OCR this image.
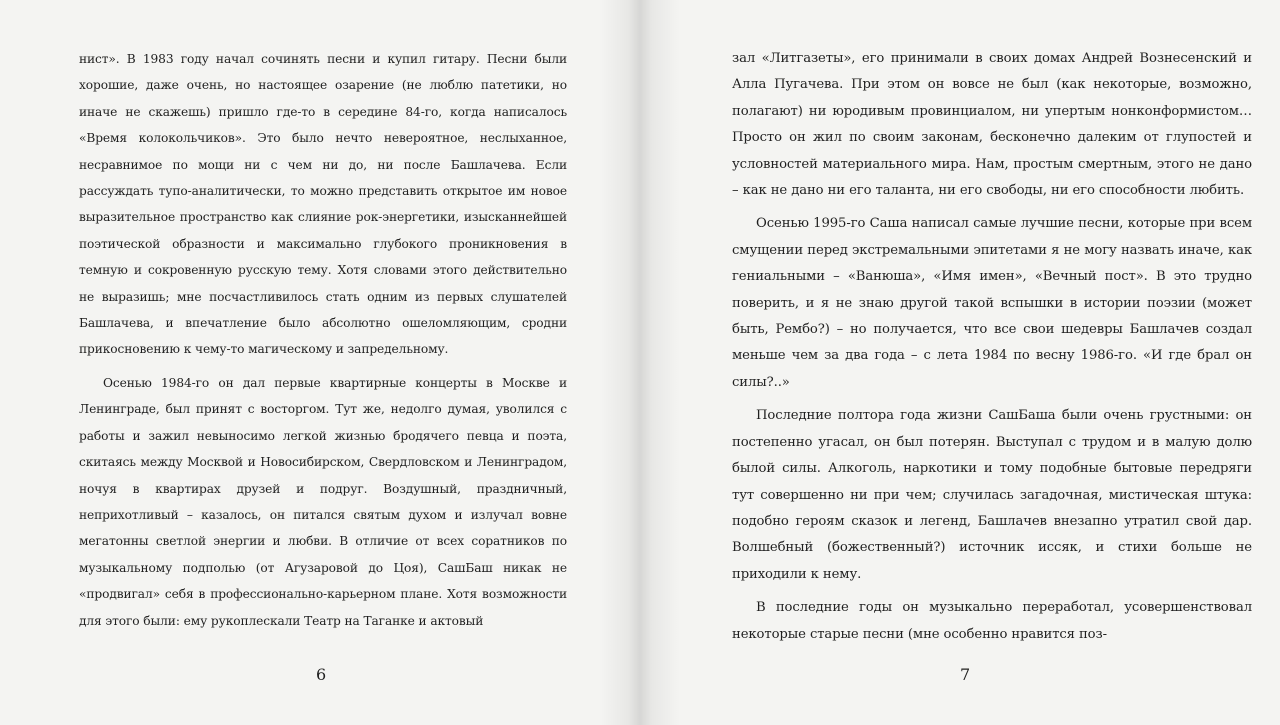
нист». В 1983 году начал сочинять песни и купил гитару. Песни были хорошие, даже очень, но настоящее озарение (не люблю патетики, но иначе не скажешь) пришло где-то в середине 84-го, когда написалось «Время колокольчиков». Это было нечто невероятное, неслыханное, несравнимое по мощи ни с чем ни до, ни после Башлачева. Если рассуждать тупо-аналитически, то можно представить открытое им новое выразительное пространство как слияние рок-энергетики, изысканнейшей поэтической образности и максимально глубокого проникновения в темную и сокровенную русскую тему. Хотя словами этого действительно не выразишь; мне посчастливилось стать одним из первых слушателей Башлачева, и впечатление было абсолютно ошеломляющим, сродни прикосновению к чему-то магическому и запредельному.

Осенью 1984-го он дал первые квартирные концерты в Москве и Ленинграде, был принят с восторгом. Тут же, недолго думая, уволился с работы и зажил невыносимо легкой жизнью бродячего певца и поэта, скитаясь между Москвой и Новосибирском, Свердловском и Ленинградом, ночуя в квартирах друзей и подруг. Воздушный, праздничный, неприхотливый – казалось, он питался святым духом и излучал вовне мегатонны светлой энергии и любви. В отличие от всех соратников по музыкальному подполью (от Агузаровой до Цоя), СашБаш никак не «продвигал» себя в профессионально-карьерном плане. Хотя возможности для этого были: ему рукоплескали Театр на Таганке и актовый

6

зал «Литгазеты», его принимали в своих домах Андрей Вознесенский и Алла Пугачева. При этом он вовсе не был (как некоторые, возможно, полагают) ни юродивым провинциалом, ни упертым нонконформистом… Просто он жил по своим законам, бесконечно далеким от глупостей и условностей материального мира. Нам, простым смертным, этого не дано – как не дано ни его таланта, ни его свободы, ни его способности любить.

Осенью 1995-го Саша написал самые лучшие песни, которые при всем смущении перед экстремальными эпитетами я не могу назвать иначе, как гениальными – «Ванюша», «Имя имен», «Вечный пост». В это трудно поверить, и я не знаю другой такой вспышки в истории поэзии (может быть, Рембо?) – но получается, что все свои шедевры Башлачев создал меньше чем за два года – с лета 1984 по весну 1986-го. «И где брал он силы?..»

Последние полтора года жизни СашБаша были очень грустными: он постепенно угасал, он был потерян. Выступал с трудом и в малую долю былой силы. Алкоголь, наркотики и тому подобные бытовые передряги тут совершенно ни при чем; случилась загадочная, мистическая штука: подобно героям сказок и легенд, Башлачев внезапно утратил свой дар. Волшебный (божественный?) источник иссяк, и стихи больше не приходили к нему.

В последние годы он музыкально переработал, усовершенствовал некоторые старые песни (мне особенно нравится поз-

7
